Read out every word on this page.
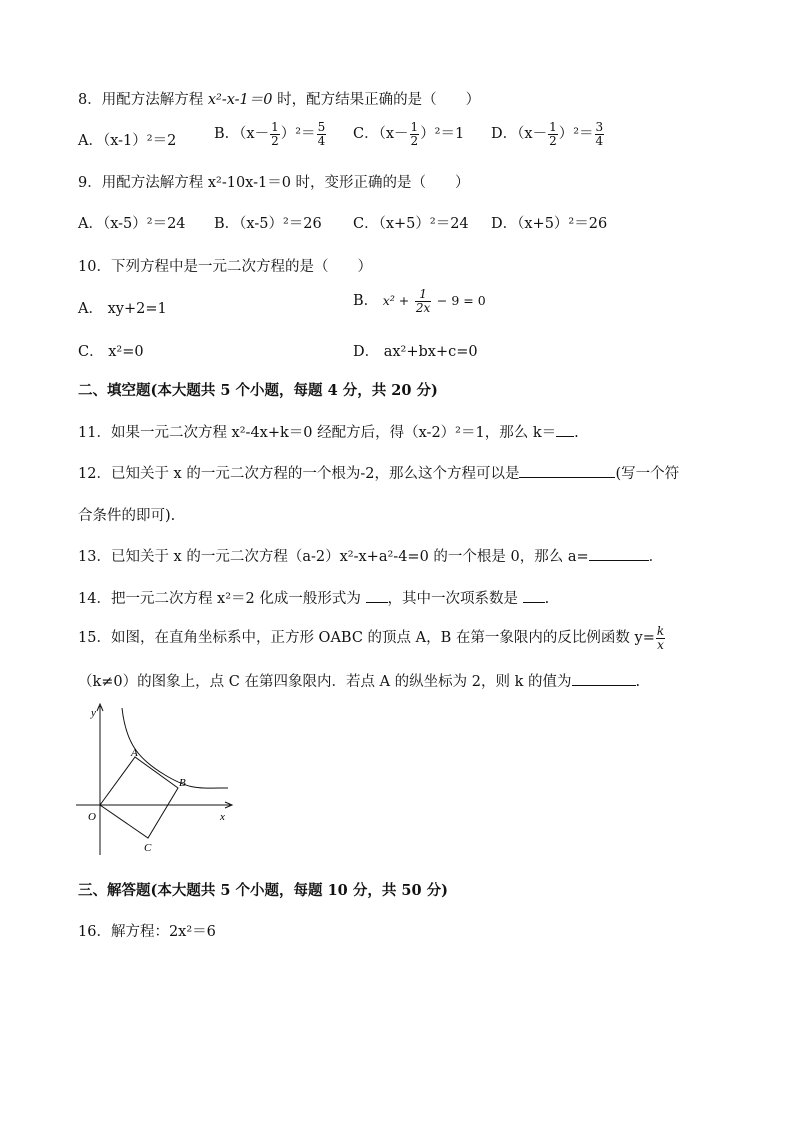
8．用配方法解方程 x²-x-1＝0 时，配方结果正确的是（　　）
A．（x-1）²＝2	B．$(x- \frac{1}{2} )^2= \frac{5}{4}$ C．$(x- \frac{1}{2} )^2=1$ D．$(x- \frac{1}{2} )^2= \frac{3}{4}$
9．用配方法解方程 x²-10x-1＝0 时，变形正确的是（　　）
A．（x-5）²＝24 B．（x-5）²＝26 C．（x+5）²＝24 D．（x+5）²＝26
10．下列方程中是一元二次方程的是（　　）
A． xy+2=1	B． $x^2 + \frac{1}{2x} - 9 = 0$
C． x²=0	D． ax²+bx+c=0
二、填空题(本大题共 5 个小题，每题 4 分，共 20 分)
11．如果一元二次方程 x²-4x+k＝0 经配方后，得（x-2）²＝1，那么 k＝ .
12．已知关于 x 的一元二次方程的一个根为-2，那么这个方程可以是	(写一个符
合条件的即可).
13．已知关于 x 的一元二次方程（a-2）x²-x+a²-4=0 的一个根是 0，那么 a=	．
14．把一元二次方程 x²＝2 化成一般形式为 ，其中一次项系数是 .
15．如图，在直角坐标系中，正方形 OABC 的顶点 A，B 在第一象限内的反比例函数 $y= \frac{k}{x}$
（k≠0）的图象上，点 C 在第四象限内．若点 A 的纵坐标为 2，则 k 的值为	.
y
x
O
A
B
C
三、解答题(本大题共 5 个小题，每题 10 分，共 50 分)
16．解方程：2x²＝6
